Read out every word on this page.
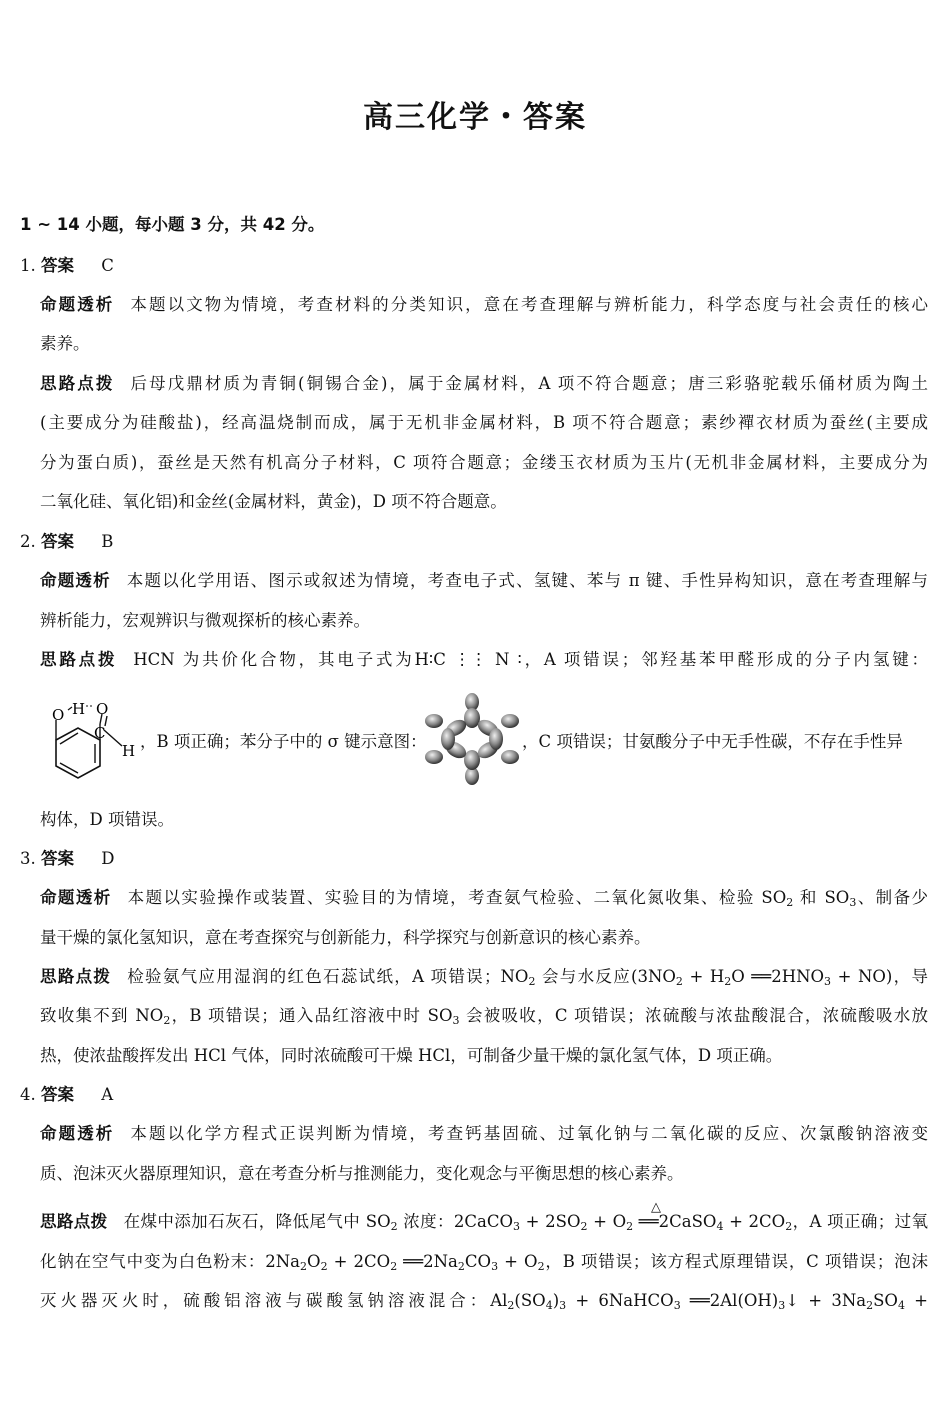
高三化学・答案
1 ~ 14 小题，每小题 3 分，共 42 分。
1. 答案 C
命题透析 本题以文物为情境，考查材料的分类知识，意在考查理解与辨析能力，科学态度与社会责任的核心
素养。
思路点拨 后母戊鼎材质为青铜(铜锡合金)，属于金属材料，A 项不符合题意；唐三彩骆驼载乐俑材质为陶土
(主要成分为硅酸盐)，经高温烧制而成，属于无机非金属材料，B 项不符合题意；素纱襌衣材质为蚕丝(主要成
分为蛋白质)，蚕丝是天然有机高分子材料，C 项符合题意；金缕玉衣材质为玉片(无机非金属材料，主要成分为
二氧化硅、氧化铝)和金丝(金属材料，黄金)，D 项不符合题意。
2. 答案 B
命题透析 本题以化学用语、图示或叙述为情境，考查电子式、氢键、苯与 π 键、手性异构知识，意在考查理解与
辨析能力，宏观辨识与微观探析的核心素养。
思路点拨 HCN 为共价化合物，其电子式为H∶C ⋮⋮ N ∶，A 项错误；邻羟基苯甲醛形成的分子内氢键：
O H O
C
H ，B 项正确；苯分子中的 σ 键示意图：	，C 项错误；甘氨酸分子中无手性碳，不存在手性异
构体，D 项错误。
3. 答案 D
命题透析 本题以实验操作或装置、实验目的为情境，考查氨气检验、二氧化氮收集、检验 $SO_2$ 和 $SO_3$、制备少
量干燥的氯化氢知识，意在考查探究与创新能力，科学探究与创新意识的核心素养。
思路点拨 检验氨气应用湿润的红色石蕊试纸，A 项错误；$NO_2$ 会与水反应($3NO_2 + H_2O$ $══2HNO_3 + NO$)，导
致收集不到 $NO_2$，B 项错误；通入品红溶液中时 $SO_3$ 会被吸收，C 项错误；浓硫酸与浓盐酸混合，浓硫酸吸水放
热，使浓盐酸挥发出 HCl 气体，同时浓硫酸可干燥 HCl，可制备少量干燥的氯化氢气体，D 项正确。
4. 答案 A
命题透析 本题以化学方程式正误判断为情境，考查钙基固硫、过氧化钠与二氧化碳的反应、次氯酸钠溶液变
质、泡沫灭火器原理知识，意在考查分析与推测能力，变化观念与平衡思想的核心素养。
△
思路点拨 在煤中添加石灰石，降低尾气中 $SO_2$ 浓度：2CaCO$_3$ + $2SO_2 + O_2$ ══2CaSO$_4$ + $2CO_2$，A 项正确；过氧
化钠在空气中变为白色粉末：$2Na_2O_2 + 2CO_2$ $══2Na_2CO_3 + O_2$，B 项错误；该方程式原理错误，C 项错误；泡沫
灭火器灭火时，硫酸铝溶液与碳酸氢钠溶液混合：$Al_2(SO_4)_3$ + 6NaHCO$_3$ $══2Al(OH)_3↓ + 3Na_2SO_4$ +
